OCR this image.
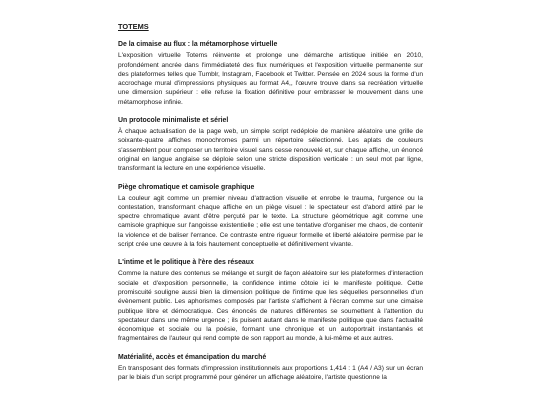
TOTEMS
De la cimaise au flux : la métamorphose virtuelle

L'exposition virtuelle Totems réinvente et prolonge une démarche artistique initiée en 2010, profondément ancrée dans l'immédiateté des flux numériques et l'exposition virtuelle permanente sur des plateformes telles que Tumblr, Instagram, Facebook et Twitter. Pensée en 2024 sous la forme d'un accrochage mural d'impressions physiques au format A4,, l'œuvre trouve dans sa recréation virtuelle une dimension supérieur : elle refuse la fixation définitive pour embrasser le mouvement dans une métamorphose infinie.

Un protocole minimaliste et sériel

À chaque actualisation de la page web, un simple script redéploie de manière aléatoire une grille de soixante-quatre affiches monochromes parmi un répertoire sélectionné. Les aplats de couleurs s'assemblent pour composer un territoire visuel sans cesse renouvelé et, sur chaque affiche, un énoncé original en langue anglaise se déploie selon une stricte disposition verticale : un seul mot par ligne, transformant la lecture en une expérience visuelle.

Piège chromatique et camisole graphique

La couleur agit comme un premier niveau d'attraction visuelle et enrobe le trauma, l'urgence ou la contestation, transformant chaque affiche en un piège visuel : le spectateur est d'abord attiré par le spectre chromatique avant d'être perçuté par le texte. La structure géométrique agit comme une camisole graphique sur l'angoisse existentielle ; elle est une tentative d'organiser me chaos, de contenir la violence et de baliser l'errance. Ce contraste entre rigueur formelle et liberté aléatoire permise par le script crée une œuvre à la fois hautement conceptuelle et définitivement vivante.

L'intime et le politique à l'ère des réseaux

Comme la nature des contenus se mélange et surgit de façon aléatoire sur les plateformes d'interaction sociale et d'exposition personnelle, la confidence intime côtoie ici le manifeste politique. Cette promiscuité souligne aussi bien la dimension politique de l'intime que les séquelles personnelles d'un évènement public. Les aphorismes composés par l'artiste s'affichent à l'écran comme sur une cimaise publique libre et démocratique. Ces énoncés de natures différentes se soumettent à l'attention du spectateur dans une même urgence ; ils puisent autant dans le manifeste politique que dans l'actualité économique et sociale ou la poésie, formant une chronique et un autoportrait instantanés et fragmentaires de l'auteur qui rend compte de son rapport au monde, à lui-même et aux autres.

Matérialité, accès et émancipation du marché

En transposant des formats d'impression institutionnels aux proportions 1,414 : 1 (A4 / A3) sur un écran par le biais d'un script programmé pour générer un affichage aléatoire, l'artiste questionne la
